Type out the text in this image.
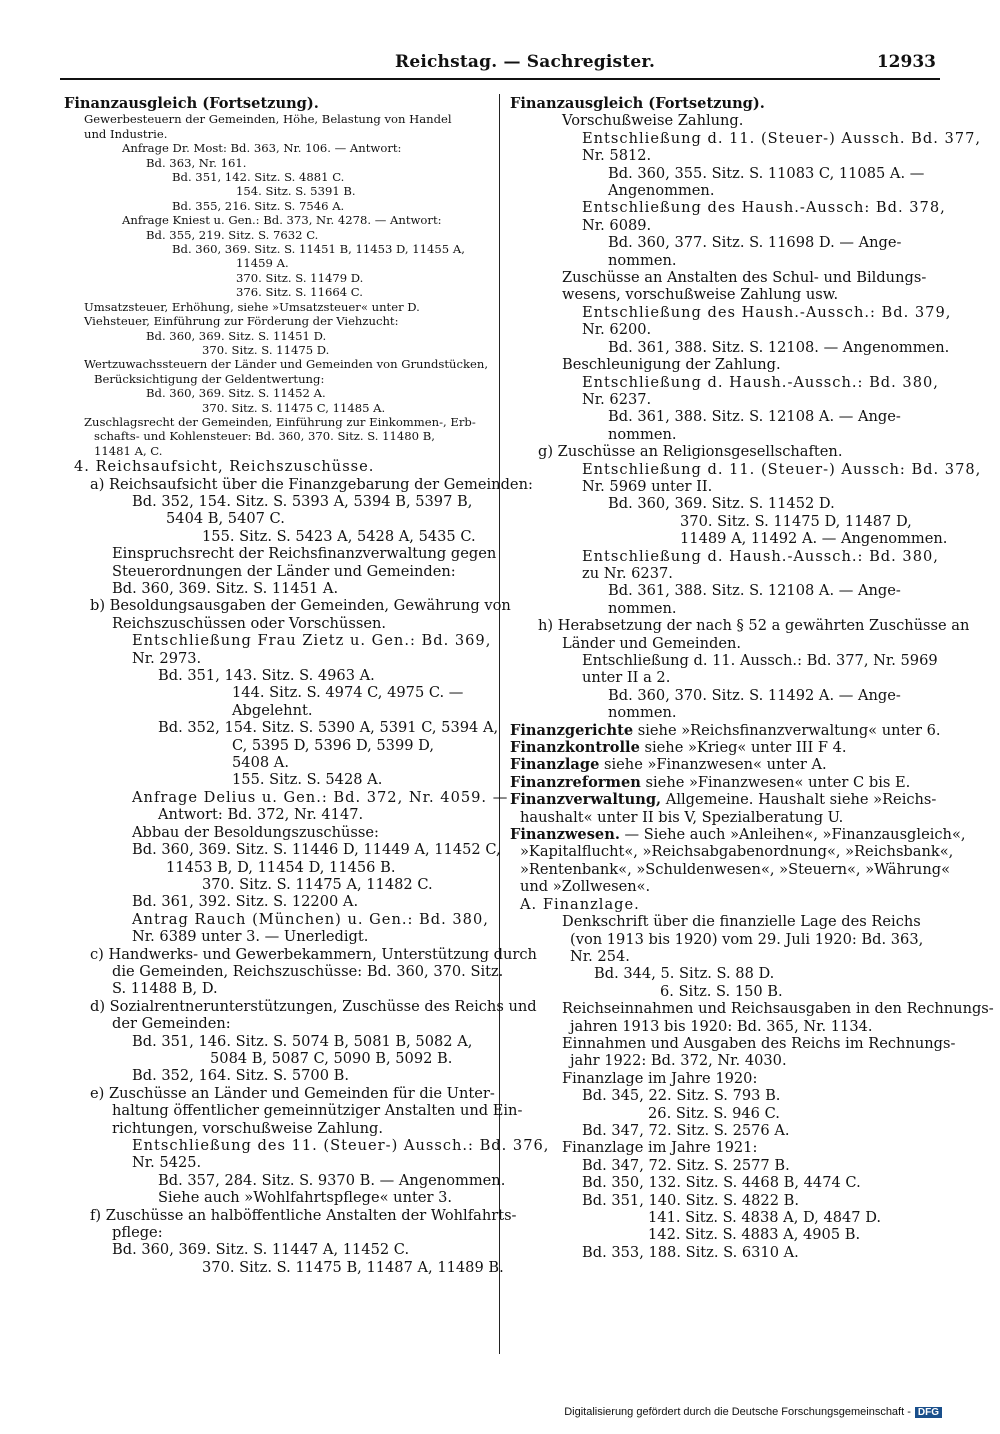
Reichstag. — Sachregister.	12933
Finanzausgleich (Fortsetzung).
Gewerbesteuern der Gemeinden, Höhe, Belastung von Handel
und Industrie.
Anfrage Dr. Most: Bd. 363, Nr. 106. — Antwort:
Bd. 363, Nr. 161.
Bd. 351, 142. Sitz. S. 4881 C.
154. Sitz. S. 5391 B.
Bd. 355, 216. Sitz. S. 7546 A.
Anfrage Kniest u. Gen.: Bd. 373, Nr. 4278. — Antwort:
Bd. 355, 219. Sitz. S. 7632 C.
Bd. 360, 369. Sitz. S. 11451 B, 11453 D, 11455 A,
11459 A.
370. Sitz. S. 11479 D.
376. Sitz. S. 11664 C.
Umsatzsteuer, Erhöhung, siehe »Umsatzsteuer« unter D.
Viehsteuer, Einführung zur Förderung der Viehzucht:
Bd. 360, 369. Sitz. S. 11451 D.
370. Sitz. S. 11475 D.
Wertzuwachssteuern der Länder und Gemeinden von Grundstücken,
Berücksichtigung der Geldentwertung:
Bd. 360, 369. Sitz. S. 11452 A.
370. Sitz. S. 11475 C, 11485 A.
Zuschlagsrecht der Gemeinden, Einführung zur Einkommen-, Erb-
schafts- und Kohlensteuer: Bd. 360, 370. Sitz. S. 11480 B,
11481 A, C.
4. Reichsaufsicht, Reichszuschüsse.
a) Reichsaufsicht über die Finanzgebarung der Gemeinden:
Bd. 352, 154. Sitz. S. 5393 A, 5394 B, 5397 B,
5404 B, 5407 C.
155. Sitz. S. 5423 A, 5428 A, 5435 C.
Einspruchsrecht der Reichsfinanzverwaltung gegen
Steuerordnungen der Länder und Gemeinden:
Bd. 360, 369. Sitz. S. 11451 A.
b) Besoldungsausgaben der Gemeinden, Gewährung von
Reichszuschüssen oder Vorschüssen.
Entschließung Frau Zietz u. Gen.: Bd. 369,
Nr. 2973.
Bd. 351, 143. Sitz. S. 4963 A.
144. Sitz. S. 4974 C, 4975 C. —
Abgelehnt.
Bd. 352, 154. Sitz. S. 5390 A, 5391 C, 5394 A,
C, 5395 D, 5396 D, 5399 D,
5408 A.
155. Sitz. S. 5428 A.
Anfrage Delius u. Gen.: Bd. 372, Nr. 4059. —
Antwort: Bd. 372, Nr. 4147.
Abbau der Besoldungszuschüsse:
Bd. 360, 369. Sitz. S. 11446 D, 11449 A, 11452 C,
11453 B, D, 11454 D, 11456 B.
370. Sitz. S. 11475 A, 11482 C.
Bd. 361, 392. Sitz. S. 12200 A.
Antrag Rauch (München) u. Gen.: Bd. 380,
Nr. 6389 unter 3. — Unerledigt.
c) Handwerks- und Gewerbekammern, Unterstützung durch
die Gemeinden, Reichszuschüsse: Bd. 360, 370. Sitz.
S. 11488 B, D.
d) Sozialrentnerunterstützungen, Zuschüsse des Reichs und
der Gemeinden:
Bd. 351, 146. Sitz. S. 5074 B, 5081 B, 5082 A,
5084 B, 5087 C, 5090 B, 5092 B.
Bd. 352, 164. Sitz. S. 5700 B.
e) Zuschüsse an Länder und Gemeinden für die Unter-
haltung öffentlicher gemeinnütziger Anstalten und Ein-
richtungen, vorschußweise Zahlung.
Entschließung des 11. (Steuer-) Aussch.: Bd. 376,
Nr. 5425.
Bd. 357, 284. Sitz. S. 9370 B. — Angenommen.
Siehe auch »Wohlfahrtspflege« unter 3.
f) Zuschüsse an halböffentliche Anstalten der Wohlfahrts-
pflege:
Bd. 360, 369. Sitz. S. 11447 A, 11452 C.
370. Sitz. S. 11475 B, 11487 A, 11489 B.
Finanzausgleich (Fortsetzung).
Vorschußweise Zahlung.
Entschließung d. 11. (Steuer-) Aussch. Bd. 377,
Nr. 5812.
Bd. 360, 355. Sitz. S. 11083 C, 11085 A. —
Angenommen.
Entschließung des Haush.-Aussch: Bd. 378,
Nr. 6089.
Bd. 360, 377. Sitz. S. 11698 D. — Ange-
nommen.
Zuschüsse an Anstalten des Schul- und Bildungs-
wesens, vorschußweise Zahlung usw.
Entschließung des Haush.-Aussch.: Bd. 379,
Nr. 6200.
Bd. 361, 388. Sitz. S. 12108. — Angenommen.
Beschleunigung der Zahlung.
Entschließung d. Haush.-Aussch.: Bd. 380,
Nr. 6237.
Bd. 361, 388. Sitz. S. 12108 A. — Ange-
nommen.
g) Zuschüsse an Religionsgesellschaften.
Entschließung d. 11. (Steuer-) Aussch: Bd. 378,
Nr. 5969 unter II.
Bd. 360, 369. Sitz. S. 11452 D.
370. Sitz. S. 11475 D, 11487 D,
11489 A, 11492 A. — Angenommen.
Entschließung d. Haush.-Aussch.: Bd. 380,
zu Nr. 6237.
Bd. 361, 388. Sitz. S. 12108 A. — Ange-
nommen.
h) Herabsetzung der nach § 52 a gewährten Zuschüsse an
Länder und Gemeinden.
Entschließung d. 11. Aussch.: Bd. 377, Nr. 5969
unter II a 2.
Bd. 360, 370. Sitz. S. 11492 A. — Ange-
nommen.
Finanzgerichte siehe »Reichsfinanzverwaltung« unter 6.
Finanzkontrolle siehe »Krieg« unter III F 4.
Finanzlage siehe »Finanzwesen« unter A.
Finanzreformen siehe »Finanzwesen« unter C bis E.
Finanzverwaltung, Allgemeine. Haushalt siehe »Reichs-
haushalt« unter II bis V, Spezialberatung U.
Finanzwesen. — Siehe auch »Anleihen«, »Finanzausgleich«,
»Kapitalflucht«, »Reichsabgabenordnung«, »Reichsbank«,
»Rentenbank«, »Schuldenwesen«, »Steuern«, »Währung«
und »Zollwesen«.
A. Finanzlage.
Denkschrift über die finanzielle Lage des Reichs
(von 1913 bis 1920) vom 29. Juli 1920: Bd. 363,
Nr. 254.
Bd. 344, 5. Sitz. S. 88 D.
6. Sitz. S. 150 B.
Reichseinnahmen und Reichsausgaben in den Rechnungs-
jahren 1913 bis 1920: Bd. 365, Nr. 1134.
Einnahmen und Ausgaben des Reichs im Rechnungs-
jahr 1922: Bd. 372, Nr. 4030.
Finanzlage im Jahre 1920:
Bd. 345, 22. Sitz. S. 793 B.
26. Sitz. S. 946 C.
Bd. 347, 72. Sitz. S. 2576 A.
Finanzlage im Jahre 1921:
Bd. 347, 72. Sitz. S. 2577 B.
Bd. 350, 132. Sitz. S. 4468 B, 4474 C.
Bd. 351, 140. Sitz. S. 4822 B.
141. Sitz. S. 4838 A, D, 4847 D.
142. Sitz. S. 4883 A, 4905 B.
Bd. 353, 188. Sitz. S. 6310 A.
Digitalisierung gefördert durch die Deutsche Forschungsgemeinschaft - DFG
